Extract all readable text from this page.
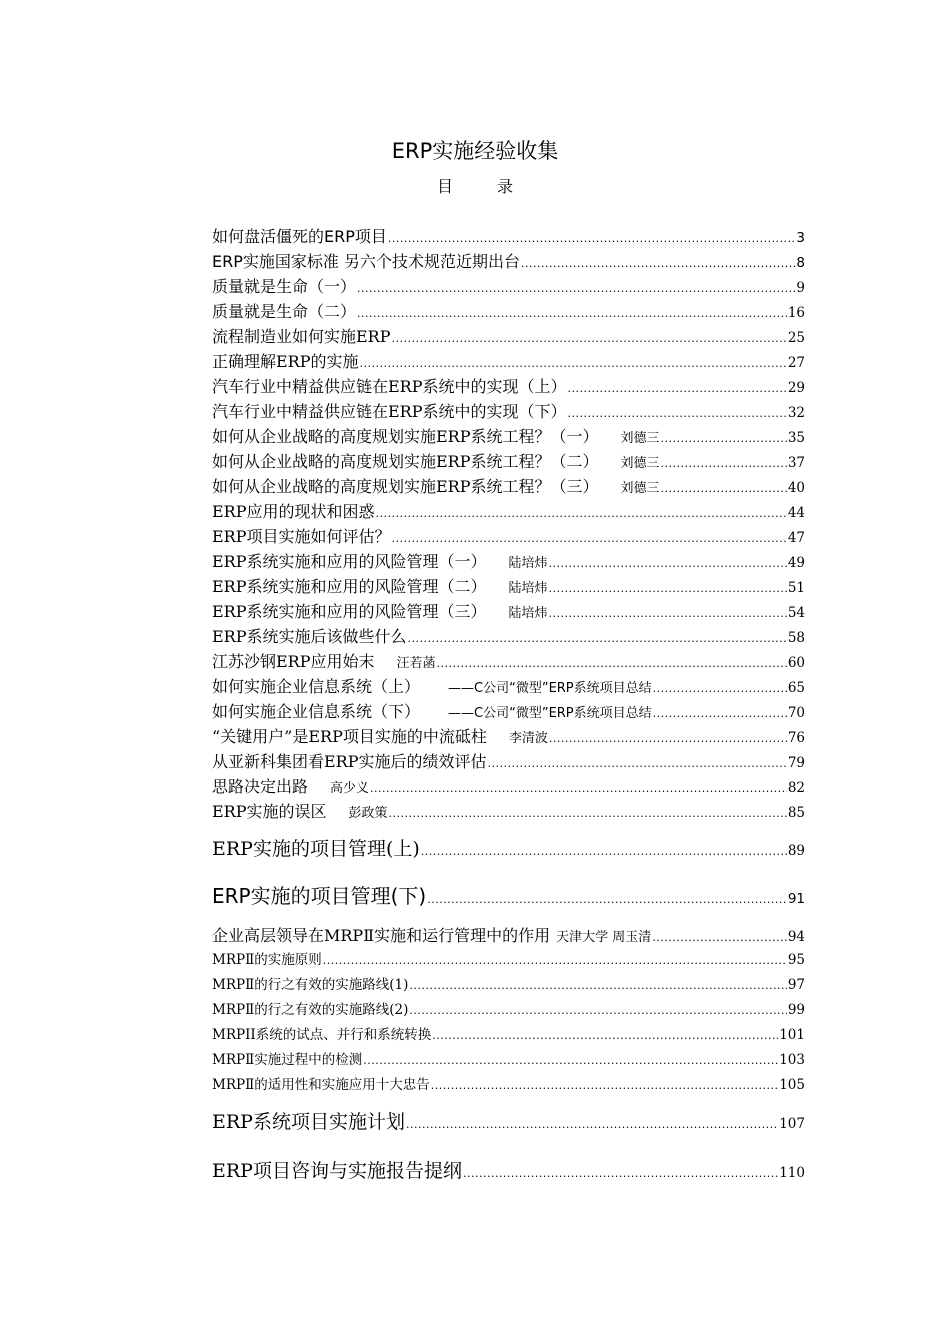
ERP实施经验收集
目录
如何盘活僵死的ERP项目 .....	3
ERP实施国家标准 另六个技术规范近期出台 .....	8
质量就是生命（一） .....	9
质量就是生命（二） .....	16
流程制造业如何实施ERP .....	25
正确理解ERP的实施 .....	27
汽车行业中精益供应链在ERP系统中的实现（上） .....	29
汽车行业中精益供应链在ERP系统中的实现（下） .....	32
如何从企业战略的高度规划实施ERP系统工程？（一） 刘德三 .....	35
如何从企业战略的高度规划实施ERP系统工程？（二） 刘德三 .....	37
如何从企业战略的高度规划实施ERP系统工程？（三） 刘德三 .....	40
ERP应用的现状和困惑 .....	44
ERP项目实施如何评估？ .....	47
ERP系统实施和应用的风险管理（一） 陆培炜 .....	49
ERP系统实施和应用的风险管理（二） 陆培炜 .....	51
ERP系统实施和应用的风险管理（三） 陆培炜 .....	54
ERP系统实施后该做些什么 .....	58
江苏沙钢ERP应用始末 汪若菡 .....	60
如何实施企业信息系统（上） ——C公司“微型”ERP系统项目总结 .....	65
如何实施企业信息系统（下） ——C公司“微型”ERP系统项目总结 .....	70
“关键用户”是ERP项目实施的中流砥柱 李清波 .....	76
从亚新科集团看ERP实施后的绩效评估 .....	79
思路决定出路 高少义 .....	82
ERP实施的误区 彭政策 .....	85
ERP实施的项目管理(上) .....	89
ERP实施的项目管理(下) .....	91
企业高层领导在MRPⅡ实施和运行管理中的作用 天津大学 周玉清 .....	94
MRPⅡ的实施原则 .....	95
MRPⅡ的行之有效的实施路线(1) .....	97
MRPⅡ的行之有效的实施路线(2) .....	99
MRPII系统的试点、并行和系统转换 .....	101
MRPⅡ实施过程中的检测 .....	103
MRPⅡ的适用性和实施应用十大忠告 .....	105
ERP系统项目实施计划 .....	107
ERP项目咨询与实施报告提纲 .....	110
